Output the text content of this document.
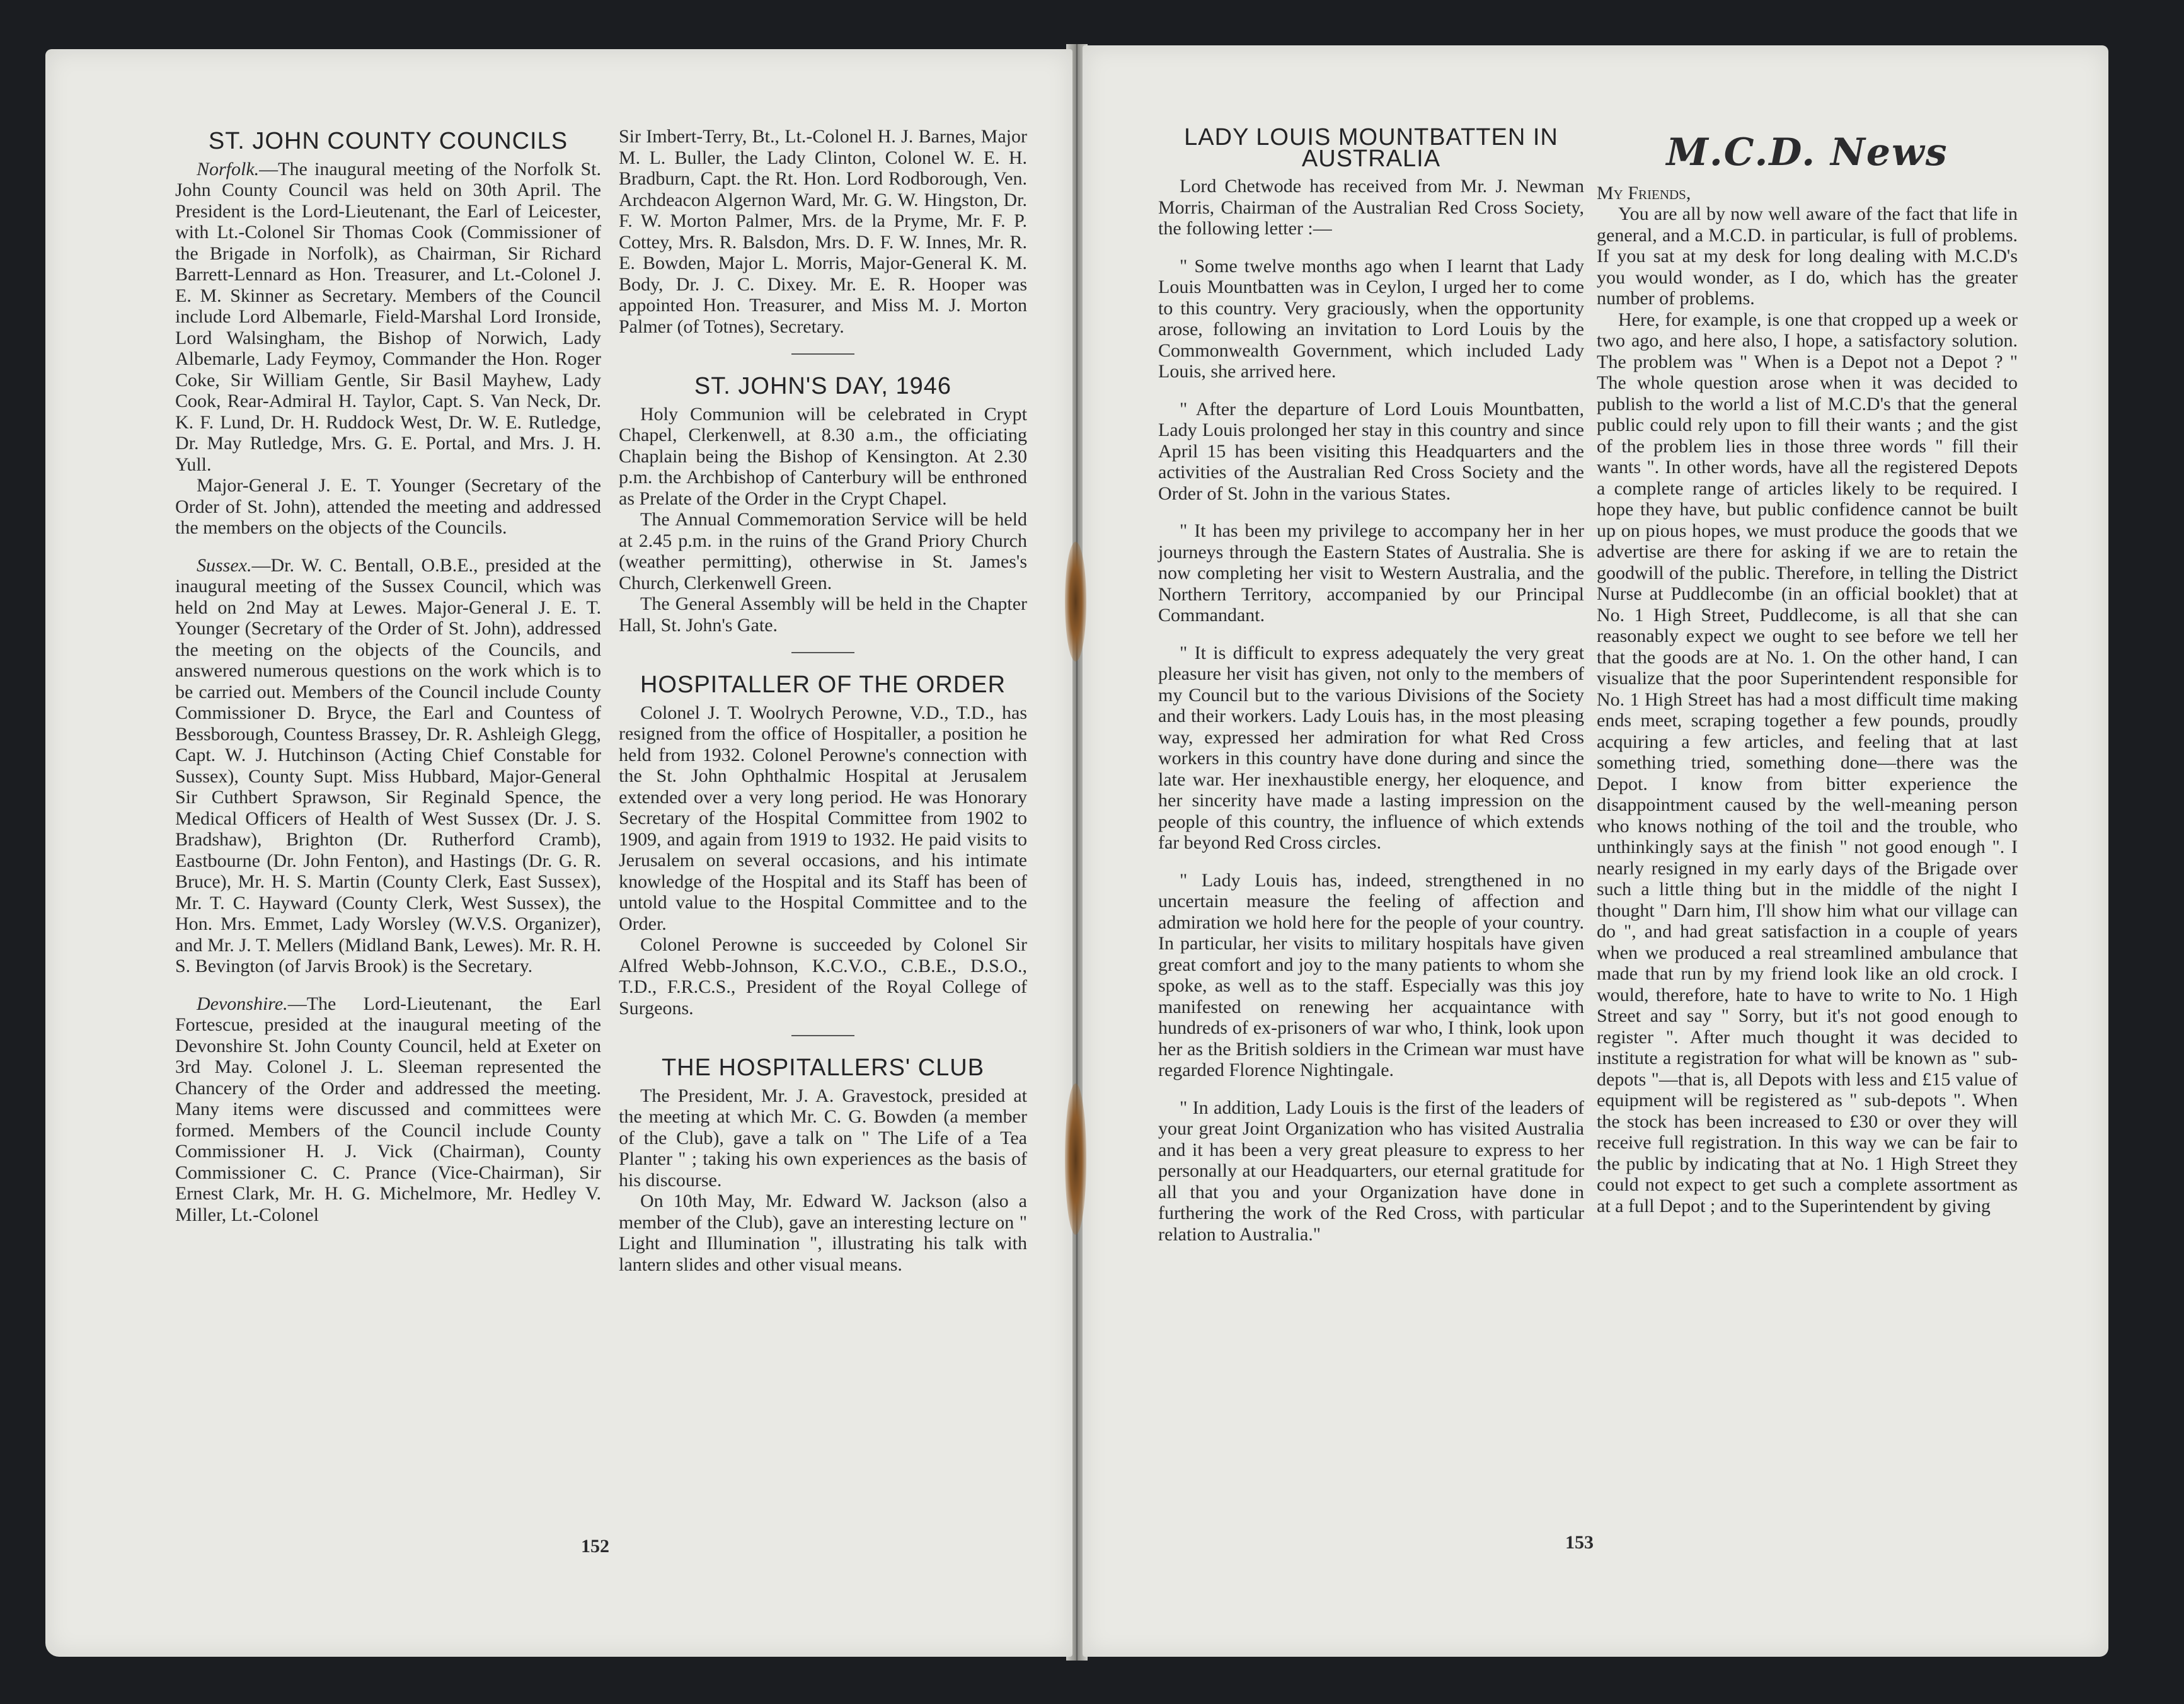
ST. JOHN COUNTY COUNCILS

Norfolk.—The inaugural meeting of the Norfolk St. John County Council was held on 30th April. The President is the Lord-Lieutenant, the Earl of Leicester, with Lt.-Colonel Sir Thomas Cook (Commissioner of the Brigade in Norfolk), as Chairman, Sir Richard Barrett-Lennard as Hon. Treasurer, and Lt.-Colonel J. E. M. Skinner as Secretary. Members of the Council include Lord Albemarle, Field-Marshal Lord Ironside, Lord Walsingham, the Bishop of Norwich, Lady Albemarle, Lady Feymoy, Commander the Hon. Roger Coke, Sir William Gentle, Sir Basil Mayhew, Lady Cook, Rear-Admiral H. Taylor, Capt. S. Van Neck, Dr. K. F. Lund, Dr. H. Ruddock West, Dr. W. E. Rutledge, Dr. May Rutledge, Mrs. G. E. Portal, and Mrs. J. H. Yull.

Major-General J. E. T. Younger (Secretary of the Order of St. John), attended the meeting and addressed the members on the objects of the Councils.

Sussex.—Dr. W. C. Bentall, O.B.E., presided at the inaugural meeting of the Sussex Council, which was held on 2nd May at Lewes. Major-General J. E. T. Younger (Secretary of the Order of St. John), addressed the meeting on the objects of the Councils, and answered numerous questions on the work which is to be carried out. Members of the Council include County Commissioner D. Bryce, the Earl and Countess of Bessborough, Countess Brassey, Dr. R. Ashleigh Glegg, Capt. W. J. Hutchinson (Acting Chief Constable for Sussex), County Supt. Miss Hubbard, Major-General Sir Cuthbert Sprawson, Sir Reginald Spence, the Medical Officers of Health of West Sussex (Dr. J. S. Bradshaw), Brighton (Dr. Rutherford Cramb), Eastbourne (Dr. John Fenton), and Hastings (Dr. G. R. Bruce), Mr. H. S. Martin (County Clerk, East Sussex), Mr. T. C. Hayward (County Clerk, West Sussex), the Hon. Mrs. Emmet, Lady Worsley (W.V.S. Organizer), and Mr. J. T. Mellers (Midland Bank, Lewes). Mr. R. H. S. Bevington (of Jarvis Brook) is the Secretary.

Devonshire.—The Lord-Lieutenant, the Earl Fortescue, presided at the inaugural meeting of the Devonshire St. John County Council, held at Exeter on 3rd May. Colonel J. L. Sleeman represented the Chancery of the Order and addressed the meeting. Many items were discussed and committees were formed. Members of the Council include County Commissioner H. J. Vick (Chairman), County Commissioner C. C. Prance (Vice-Chairman), Sir Ernest Clark, Mr. H. G. Michelmore, Mr. Hedley V. Miller, Lt.-Colonel

Sir Imbert-Terry, Bt., Lt.-Colonel H. J. Barnes, Major M. L. Buller, the Lady Clinton, Colonel W. E. H. Bradburn, Capt. the Rt. Hon. Lord Rodborough, Ven. Archdeacon Algernon Ward, Mr. G. W. Hingston, Dr. F. W. Morton Palmer, Mrs. de la Pryme, Mr. F. P. Cottey, Mrs. R. Balsdon, Mrs. D. F. W. Innes, Mr. R. E. Bowden, Major L. Morris, Major-General K. M. Body, Dr. J. C. Dixey. Mr. E. R. Hooper was appointed Hon. Treasurer, and Miss M. J. Morton Palmer (of Totnes), Secretary.

ST. JOHN'S DAY, 1946

Holy Communion will be celebrated in Crypt Chapel, Clerkenwell, at 8.30 a.m., the officiating Chaplain being the Bishop of Kensington. At 2.30 p.m. the Archbishop of Canterbury will be enthroned as Prelate of the Order in the Crypt Chapel.

The Annual Commemoration Service will be held at 2.45 p.m. in the ruins of the Grand Priory Church (weather permitting), otherwise in St. James's Church, Clerkenwell Green.

The General Assembly will be held in the Chapter Hall, St. John's Gate.

HOSPITALLER OF THE ORDER

Colonel J. T. Woolrych Perowne, V.D., T.D., has resigned from the office of Hospitaller, a position he held from 1932. Colonel Perowne's connection with the St. John Ophthalmic Hospital at Jerusalem extended over a very long period. He was Honorary Secretary of the Hospital Committee from 1902 to 1909, and again from 1919 to 1932. He paid visits to Jerusalem on several occasions, and his intimate knowledge of the Hospital and its Staff has been of untold value to the Hospital Committee and to the Order.

Colonel Perowne is succeeded by Colonel Sir Alfred Webb-Johnson, K.C.V.O., C.B.E., D.S.O., T.D., F.R.C.S., President of the Royal College of Surgeons.

THE HOSPITALLERS' CLUB

The President, Mr. J. A. Gravestock, presided at the meeting at which Mr. C. G. Bowden (a member of the Club), gave a talk on " The Life of a Tea Planter " ; taking his own experiences as the basis of his discourse.

On 10th May, Mr. Edward W. Jackson (also a member of the Club), gave an interesting lecture on " Light and Illumination ", illustrating his talk with lantern slides and other visual means.

152
LADY LOUIS MOUNTBATTEN IN AUSTRALIA

Lord Chetwode has received from Mr. J. Newman Morris, Chairman of the Australian Red Cross Society, the following letter :—

" Some twelve months ago when I learnt that Lady Louis Mountbatten was in Ceylon, I urged her to come to this country. Very graciously, when the opportunity arose, following an invitation to Lord Louis by the Commonwealth Government, which included Lady Louis, she arrived here.

" After the departure of Lord Louis Mountbatten, Lady Louis prolonged her stay in this country and since April 15 has been visiting this Headquarters and the activities of the Australian Red Cross Society and the Order of St. John in the various States.

" It has been my privilege to accompany her in her journeys through the Eastern States of Australia. She is now completing her visit to Western Australia, and the Northern Territory, accompanied by our Principal Commandant.

" It is difficult to express adequately the very great pleasure her visit has given, not only to the members of my Council but to the various Divisions of the Society and their workers. Lady Louis has, in the most pleasing way, expressed her admiration for what Red Cross workers in this country have done during and since the late war. Her inexhaustible energy, her eloquence, and her sincerity have made a lasting impression on the people of this country, the influence of which extends far beyond Red Cross circles.

" Lady Louis has, indeed, strengthened in no uncertain measure the feeling of affection and admiration we hold here for the people of your country. In particular, her visits to military hospitals have given great comfort and joy to the many patients to whom she spoke, as well as to the staff. Especially was this joy manifested on renewing her acquaintance with hundreds of ex-prisoners of war who, I think, look upon her as the British soldiers in the Crimean war must have regarded Florence Nightingale.

" In addition, Lady Louis is the first of the leaders of your great Joint Organization who has visited Australia and it has been a very great pleasure to express to her personally at our Headquarters, our eternal gratitude for all that you and your Organization have done in furthering the work of the Red Cross, with particular relation to Australia."

M.C.D. News

My Friends,

You are all by now well aware of the fact that life in general, and a M.C.D. in particular, is full of problems. If you sat at my desk for long dealing with M.C.D's you would wonder, as I do, which has the greater number of problems.

Here, for example, is one that cropped up a week or two ago, and here also, I hope, a satisfactory solution. The problem was " When is a Depot not a Depot ? " The whole question arose when it was decided to publish to the world a list of M.C.D's that the general public could rely upon to fill their wants ; and the gist of the problem lies in those three words " fill their wants ". In other words, have all the registered Depots a complete range of articles likely to be required. I hope they have, but public confidence cannot be built up on pious hopes, we must produce the goods that we advertise are there for asking if we are to retain the goodwill of the public. Therefore, in telling the District Nurse at Puddlecombe (in an official booklet) that at No. 1 High Street, Puddlecome, is all that she can reasonably expect we ought to see before we tell her that the goods are at No. 1. On the other hand, I can visualize that the poor Superintendent responsible for No. 1 High Street has had a most difficult time making ends meet, scraping together a few pounds, proudly acquiring a few articles, and feeling that at last something tried, something done—there was the Depot. I know from bitter experience the disappointment caused by the well-meaning person who knows nothing of the toil and the trouble, who unthinkingly says at the finish " not good enough ". I nearly resigned in my early days of the Brigade over such a little thing but in the middle of the night I thought " Darn him, I'll show him what our village can do ", and had great satisfaction in a couple of years when we produced a real streamlined ambulance that made that run by my friend look like an old crock. I would, therefore, hate to have to write to No. 1 High Street and say " Sorry, but it's not good enough to register ". After much thought it was decided to institute a registration for what will be known as " sub-depots "—that is, all Depots with less and £15 value of equipment will be registered as " sub-depots ". When the stock has been increased to £30 or over they will receive full registration. In this way we can be fair to the public by indicating that at No. 1 High Street they could not expect to get such a complete assortment as at a full Depot ; and to the Superintendent by giving

153
